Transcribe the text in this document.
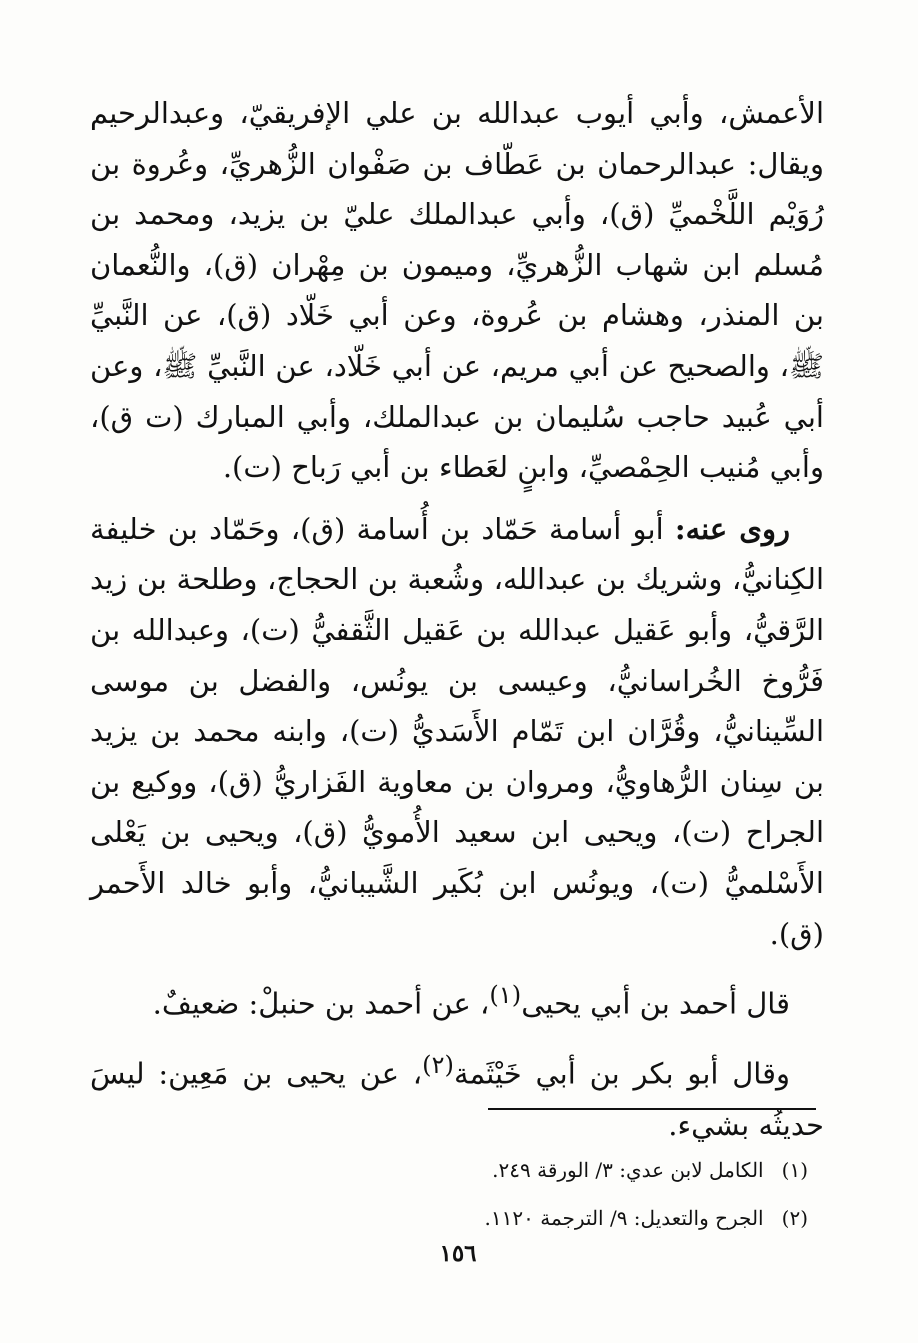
الأعمش، وأبي أيوب عبدالله بن علي الإفريقيّ، وعبدالرحيم ويقال: عبدالرحمان بن عَطّاف بن صَفْوان الزُّهريِّ، وعُروة بن رُوَيْم اللَّخْميِّ (ق)، وأبي عبدالملك عليّ بن يزيد، ومحمد بن مُسلم ابن شهاب الزُّهريِّ، وميمون بن مِهْران (ق)، والنُّعمان بن المنذر، وهشام بن عُروة، وعن أبي خَلّاد (ق)، عن النَّبيِّ ﷺ، والصحيح عن أبي مريم، عن أبي خَلّاد، عن النَّبيِّ ﷺ، وعن أبي عُبيد حاجب سُليمان بن عبدالملك، وأبي المبارك (ت ق)، وأبي مُنيب الحِمْصيِّ، وابنٍ لعَطاء بن أبي رَباح (ت).

روى عنه: أبو أسامة حَمّاد بن أُسامة (ق)، وحَمّاد بن خليفة الكِنانيُّ، وشريك بن عبدالله، وشُعبة بن الحجاج، وطلحة بن زيد الرَّقيُّ، وأبو عَقيل عبدالله بن عَقيل الثَّقفيُّ (ت)، وعبدالله بن فَرُّوخ الخُراسانيُّ، وعيسى بن يونُس، والفضل بن موسى السِّينانيُّ، وقُرَّان ابن تَمّام الأَسَديُّ (ت)، وابنه محمد بن يزيد بن سِنان الرُّهاويُّ، ومروان بن معاوية الفَزاريُّ (ق)، ووكيع بن الجراح (ت)، ويحيى ابن سعيد الأُمويُّ (ق)، ويحيى بن يَعْلى الأَسْلميُّ (ت)، ويونُس ابن بُكَير الشَّيبانيُّ، وأبو خالد الأَحمر (ق).

قال أحمد بن أبي يحيى$^{(١)}$، عن أحمد بن حنبلْ: ضعيفٌ.

وقال أبو بكر بن أبي خَيْثَمة$^{(٢)}$، عن يحيى بن مَعِين: ليسَ حديثُه بشيء.

(١)الكامل لابن عدي: ٣/ الورقة ٢٤٩.

(٢)الجرح والتعديل: ٩/ الترجمة ١١٢٠.

١٥٦
